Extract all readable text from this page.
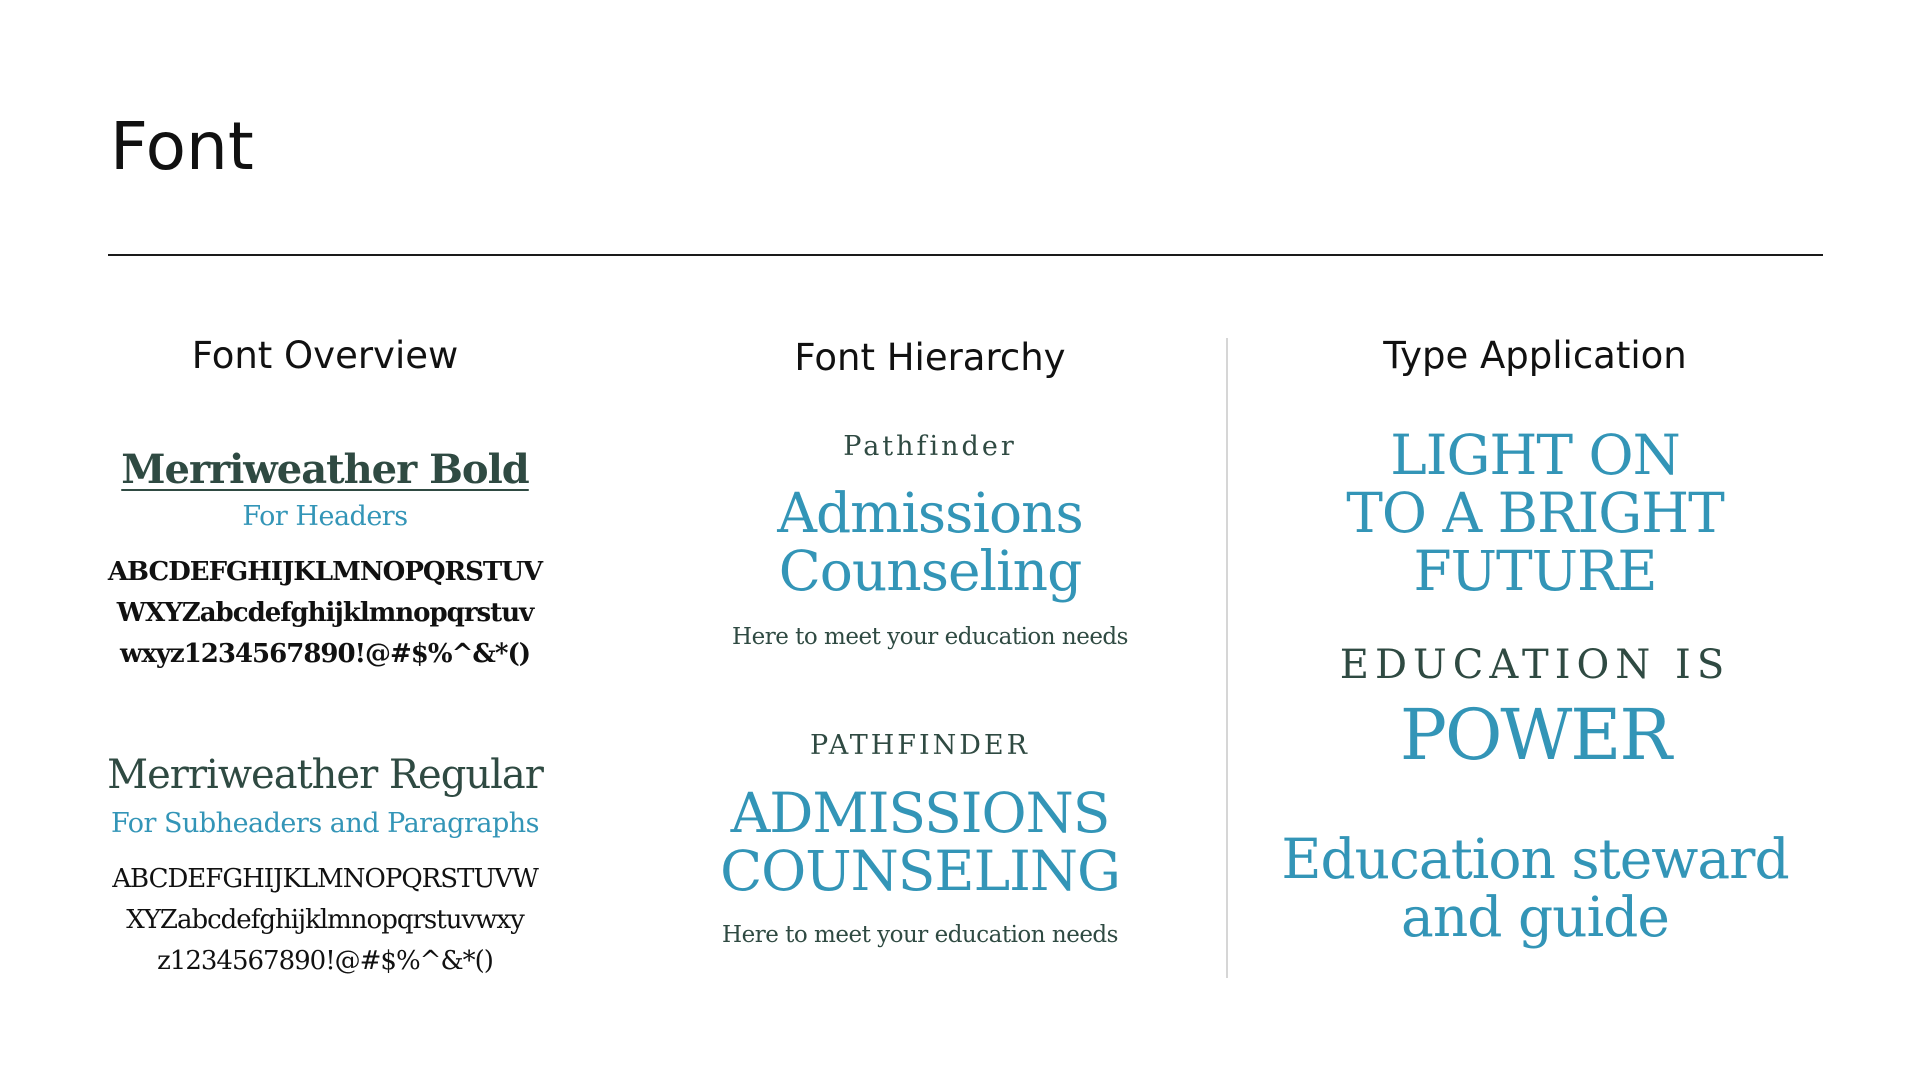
Font
Font Overview
Merriweather Bold
For Headers
ABCDEFGHIJKLMNOPQRSTUV
WXYZabcdefghijklmnopqrstuv
wxyz1234567890!@#$%^&*()
Merriweather Regular
For Subheaders and Paragraphs
ABCDEFGHIJKLMNOPQRSTUVW
XYZabcdefghijklmnopqrstuvwxy
z1234567890!@#$%^&*()
Font Hierarchy
Pathfinder
Admissions
Counseling
Here to meet your education needs
PATHFINDER
ADMISSIONS
COUNSELING
Here to meet your education needs
Type Application
LIGHT ON
TO A BRIGHT
FUTURE
EDUCATION IS
POWER
Education steward
and guide
